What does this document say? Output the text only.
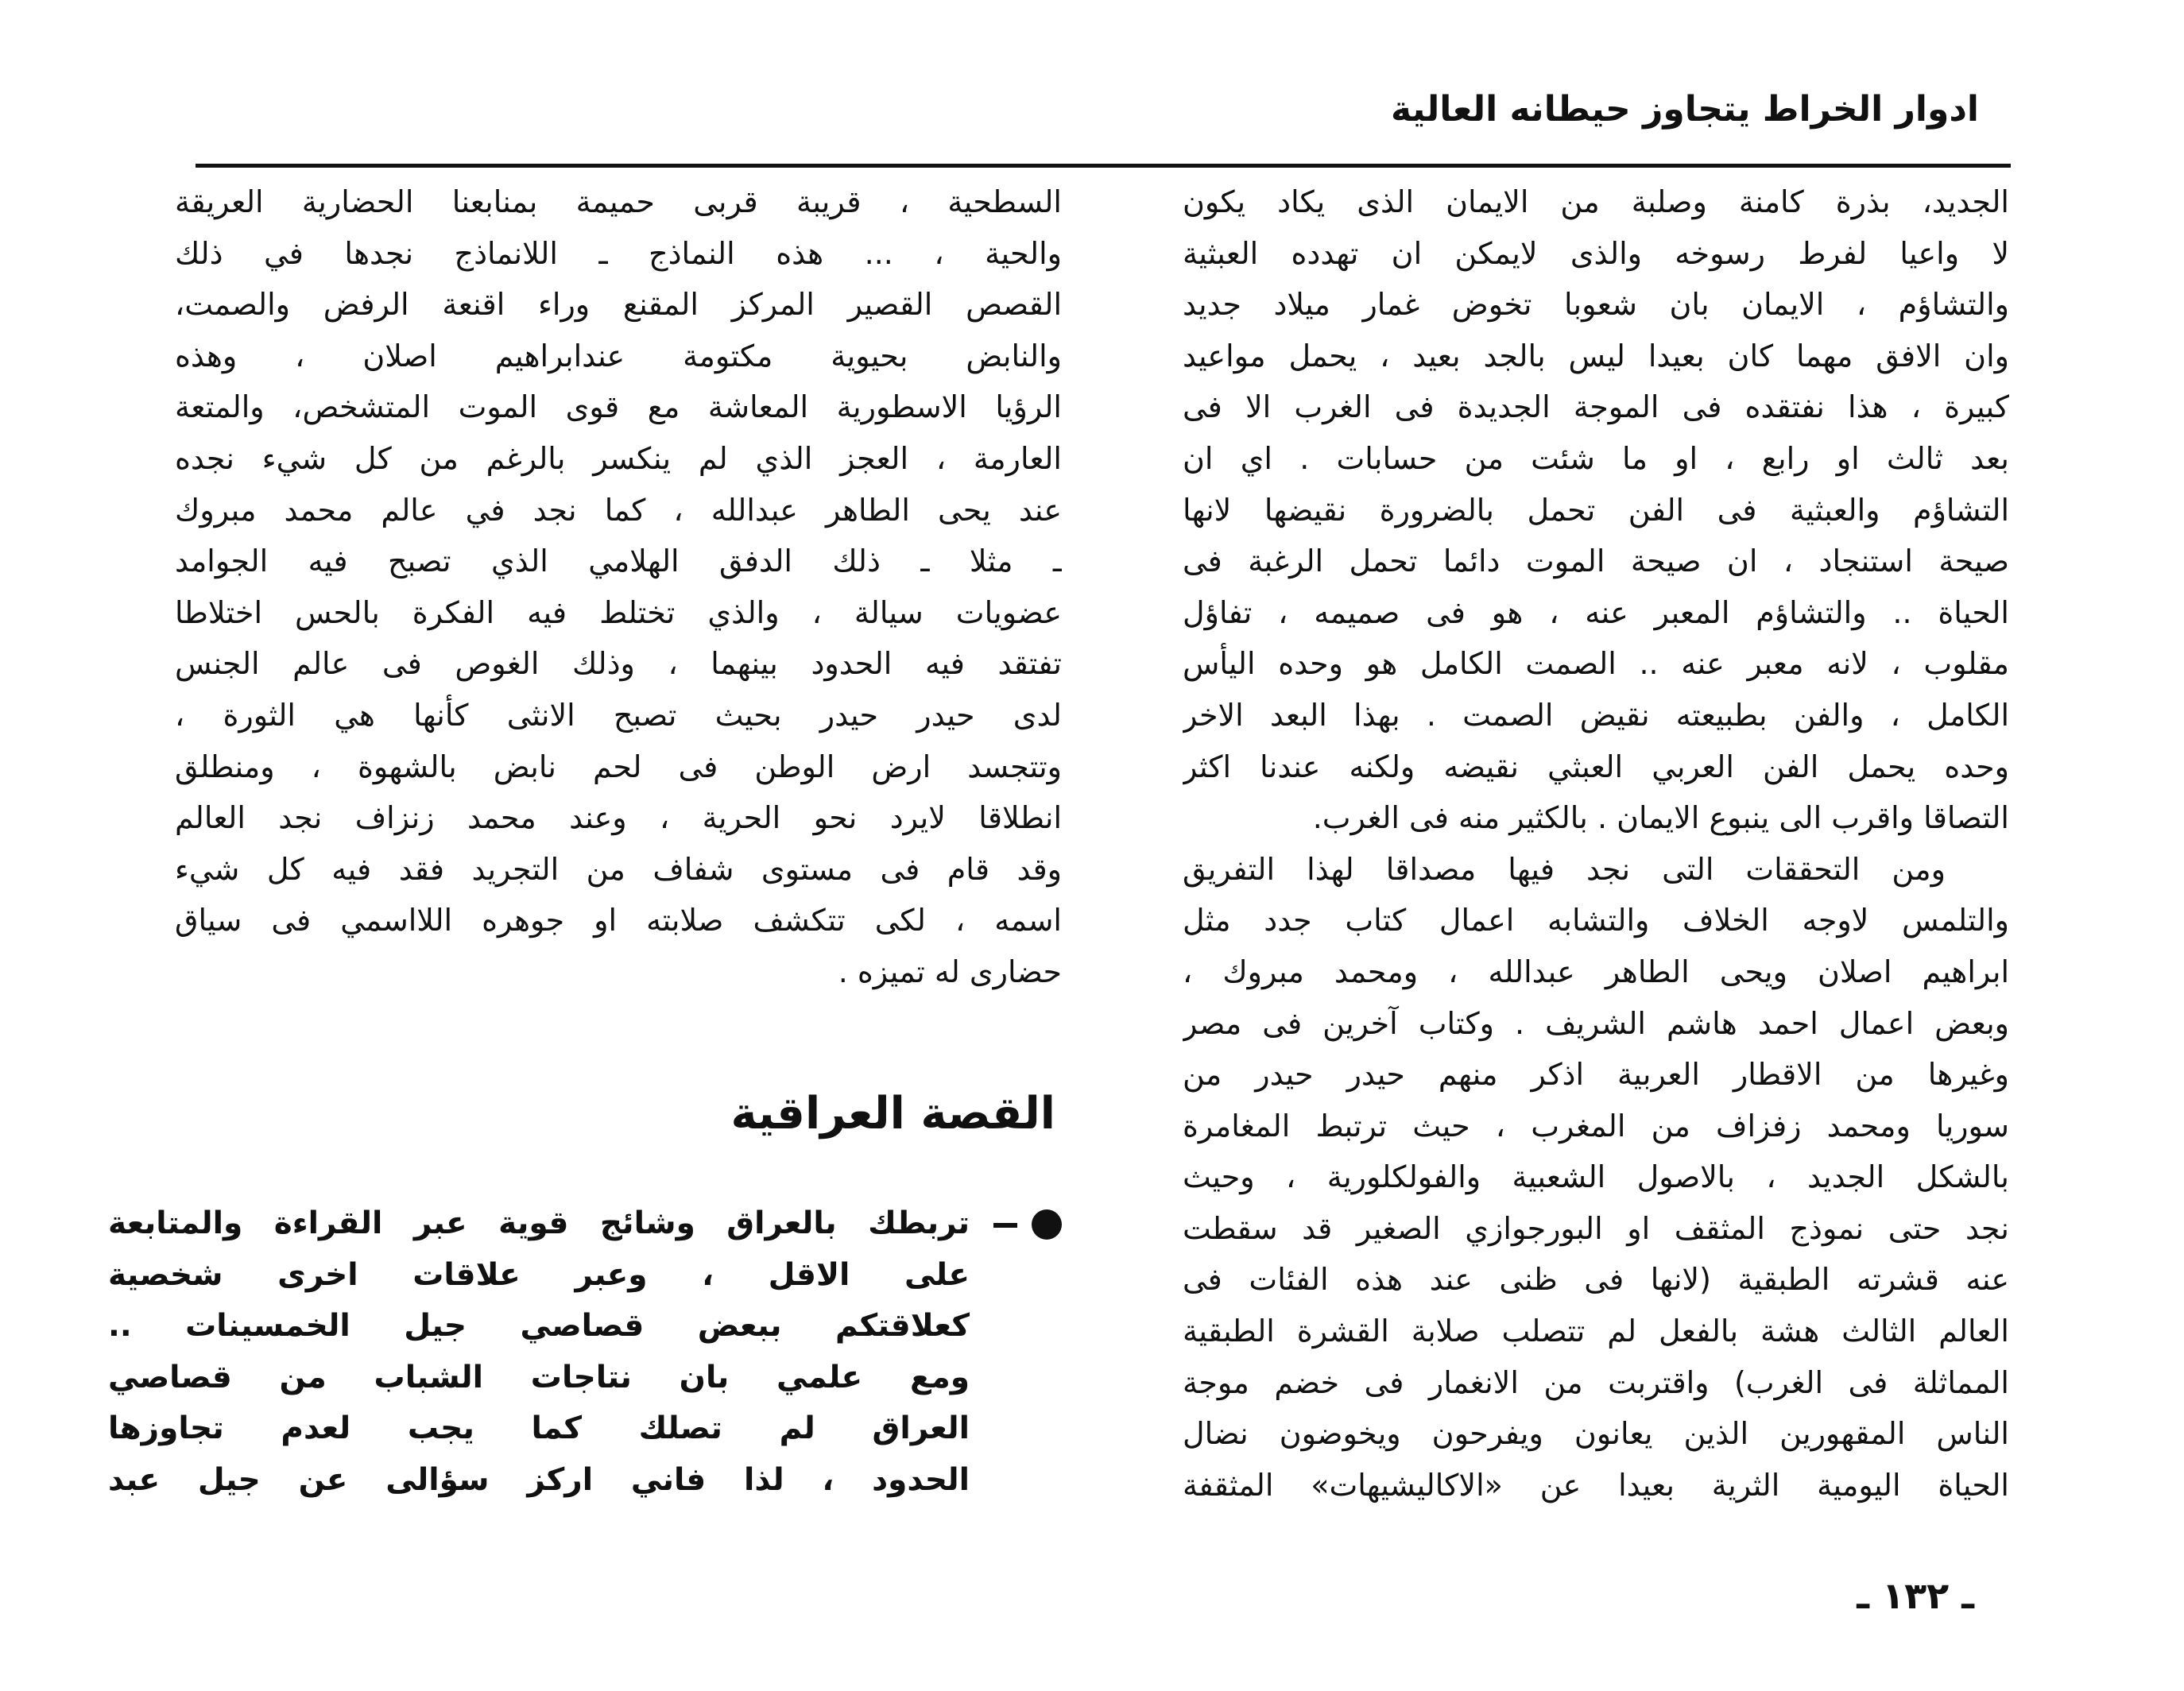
ادوار الخراط يتجاوز حيطانه العالية
الجديد، بذرة كامنة وصلبة من الايمان الذى يكاد يكون
لا واعيا لفرط رسوخه والذى لايمكن ان تهدده العبثية
والتشاؤم ، الايمان بان شعوبا تخوض غمار ميلاد جديد
وان الافق مهما كان بعيدا ليس بالجد بعيد ، يحمل مواعيد
كبيرة ، هذا نفتقده فى الموجة الجديدة فى الغرب الا فى
بعد ثالث او رابع ، او ما شئت من حسابات . اي ان
التشاؤم والعبثية فى الفن تحمل بالضرورة نقيضها لانها
صيحة استنجاد ، ان صيحة الموت دائما تحمل الرغبة فى
الحياة .. والتشاؤم المعبر عنه ، هو فى صميمه ، تفاؤل
مقلوب ، لانه معبر عنه .. الصمت الكامل هو وحده اليأس
الكامل ، والفن بطبيعته نقيض الصمت . بهذا البعد الاخر
وحده يحمل الفن العربي العبثي نقيضه ولكنه عندنا اكثر
التصاقا واقرب الى ينبوع الايمان . بالكثير منه فى الغرب.
ومن التحققات التى نجد فيها مصداقا لهذا التفريق
والتلمس لاوجه الخلاف والتشابه اعمال كتاب جدد مثل
ابراهيم اصلان ويحى الطاهر عبدالله ، ومحمد مبروك ،
وبعض اعمال احمد هاشم الشريف . وكتاب آخرين فى مصر
وغيرها من الاقطار العربية اذكر منهم حيدر حيدر من
سوريا ومحمد زفزاف من المغرب ، حيث ترتبط المغامرة
بالشكل الجديد ، بالاصول الشعبية والفولكلورية ، وحيث
نجد حتى نموذج المثقف او البورجوازي الصغير قد سقطت
عنه قشرته الطبقية (لانها فى ظنى عند هذه الفئات فى
العالم الثالث هشة بالفعل لم تتصلب صلابة القشرة الطبقية
المماثلة فى الغرب) واقتربت من الانغمار فى خضم موجة
الناس المقهورين الذين يعانون ويفرحون ويخوضون نضال
الحياة اليومية الثرية بعيدا عن «الاكاليشيهات» المثقفة
السطحية ، قريبة قربى حميمة بمنابعنا الحضارية العريقة
والحية ، ... هذه النماذج ـ اللانماذج نجدها في ذلك
القصص القصير المركز المقنع وراء اقنعة الرفض والصمت،
والنابض بحيوية مكتومة عندابراهيم اصلان ، وهذه
الرؤيا الاسطورية المعاشة مع قوى الموت المتشخص، والمتعة
العارمة ، العجز الذي لم ينكسر بالرغم من كل شيء نجده
عند يحى الطاهر عبدالله ، كما نجد في عالم محمد مبروك
ـ مثلا ـ ذلك الدفق الهلامي الذي تصبح فيه الجوامد
عضويات سيالة ، والذي تختلط فيه الفكرة بالحس اختلاطا
تفتقد فيه الحدود بينهما ، وذلك الغوص فى عالم الجنس
لدى حيدر حيدر بحيث تصبح الانثى كأنها هي الثورة ،
وتتجسد ارض الوطن فى لحم نابض بالشهوة ، ومنطلق
انطلاقا لايرد نحو الحرية ، وعند محمد زنزاف نجد العالم
وقد قام فى مستوى شفاف من التجريد فقد فيه كل شيء
اسمه ، لكى تتكشف صلابته او جوهره اللااسمي فى سياق
حضارى له تميزه .
القصة العراقية
تربطك بالعراق وشائج قوية عبر القراءة والمتابعة
على الاقل ، وعبر علاقات اخرى شخصية
كعلاقتكم ببعض قصاصي جيل الخمسينات ..
ومع علمي بان نتاجات الشباب من قصاصي
العراق لم تصلك كما يجب لعدم تجاوزها
الحدود ، لذا فاني اركز سؤالى عن جيل عبد
ـ ١٣٢ ـ
